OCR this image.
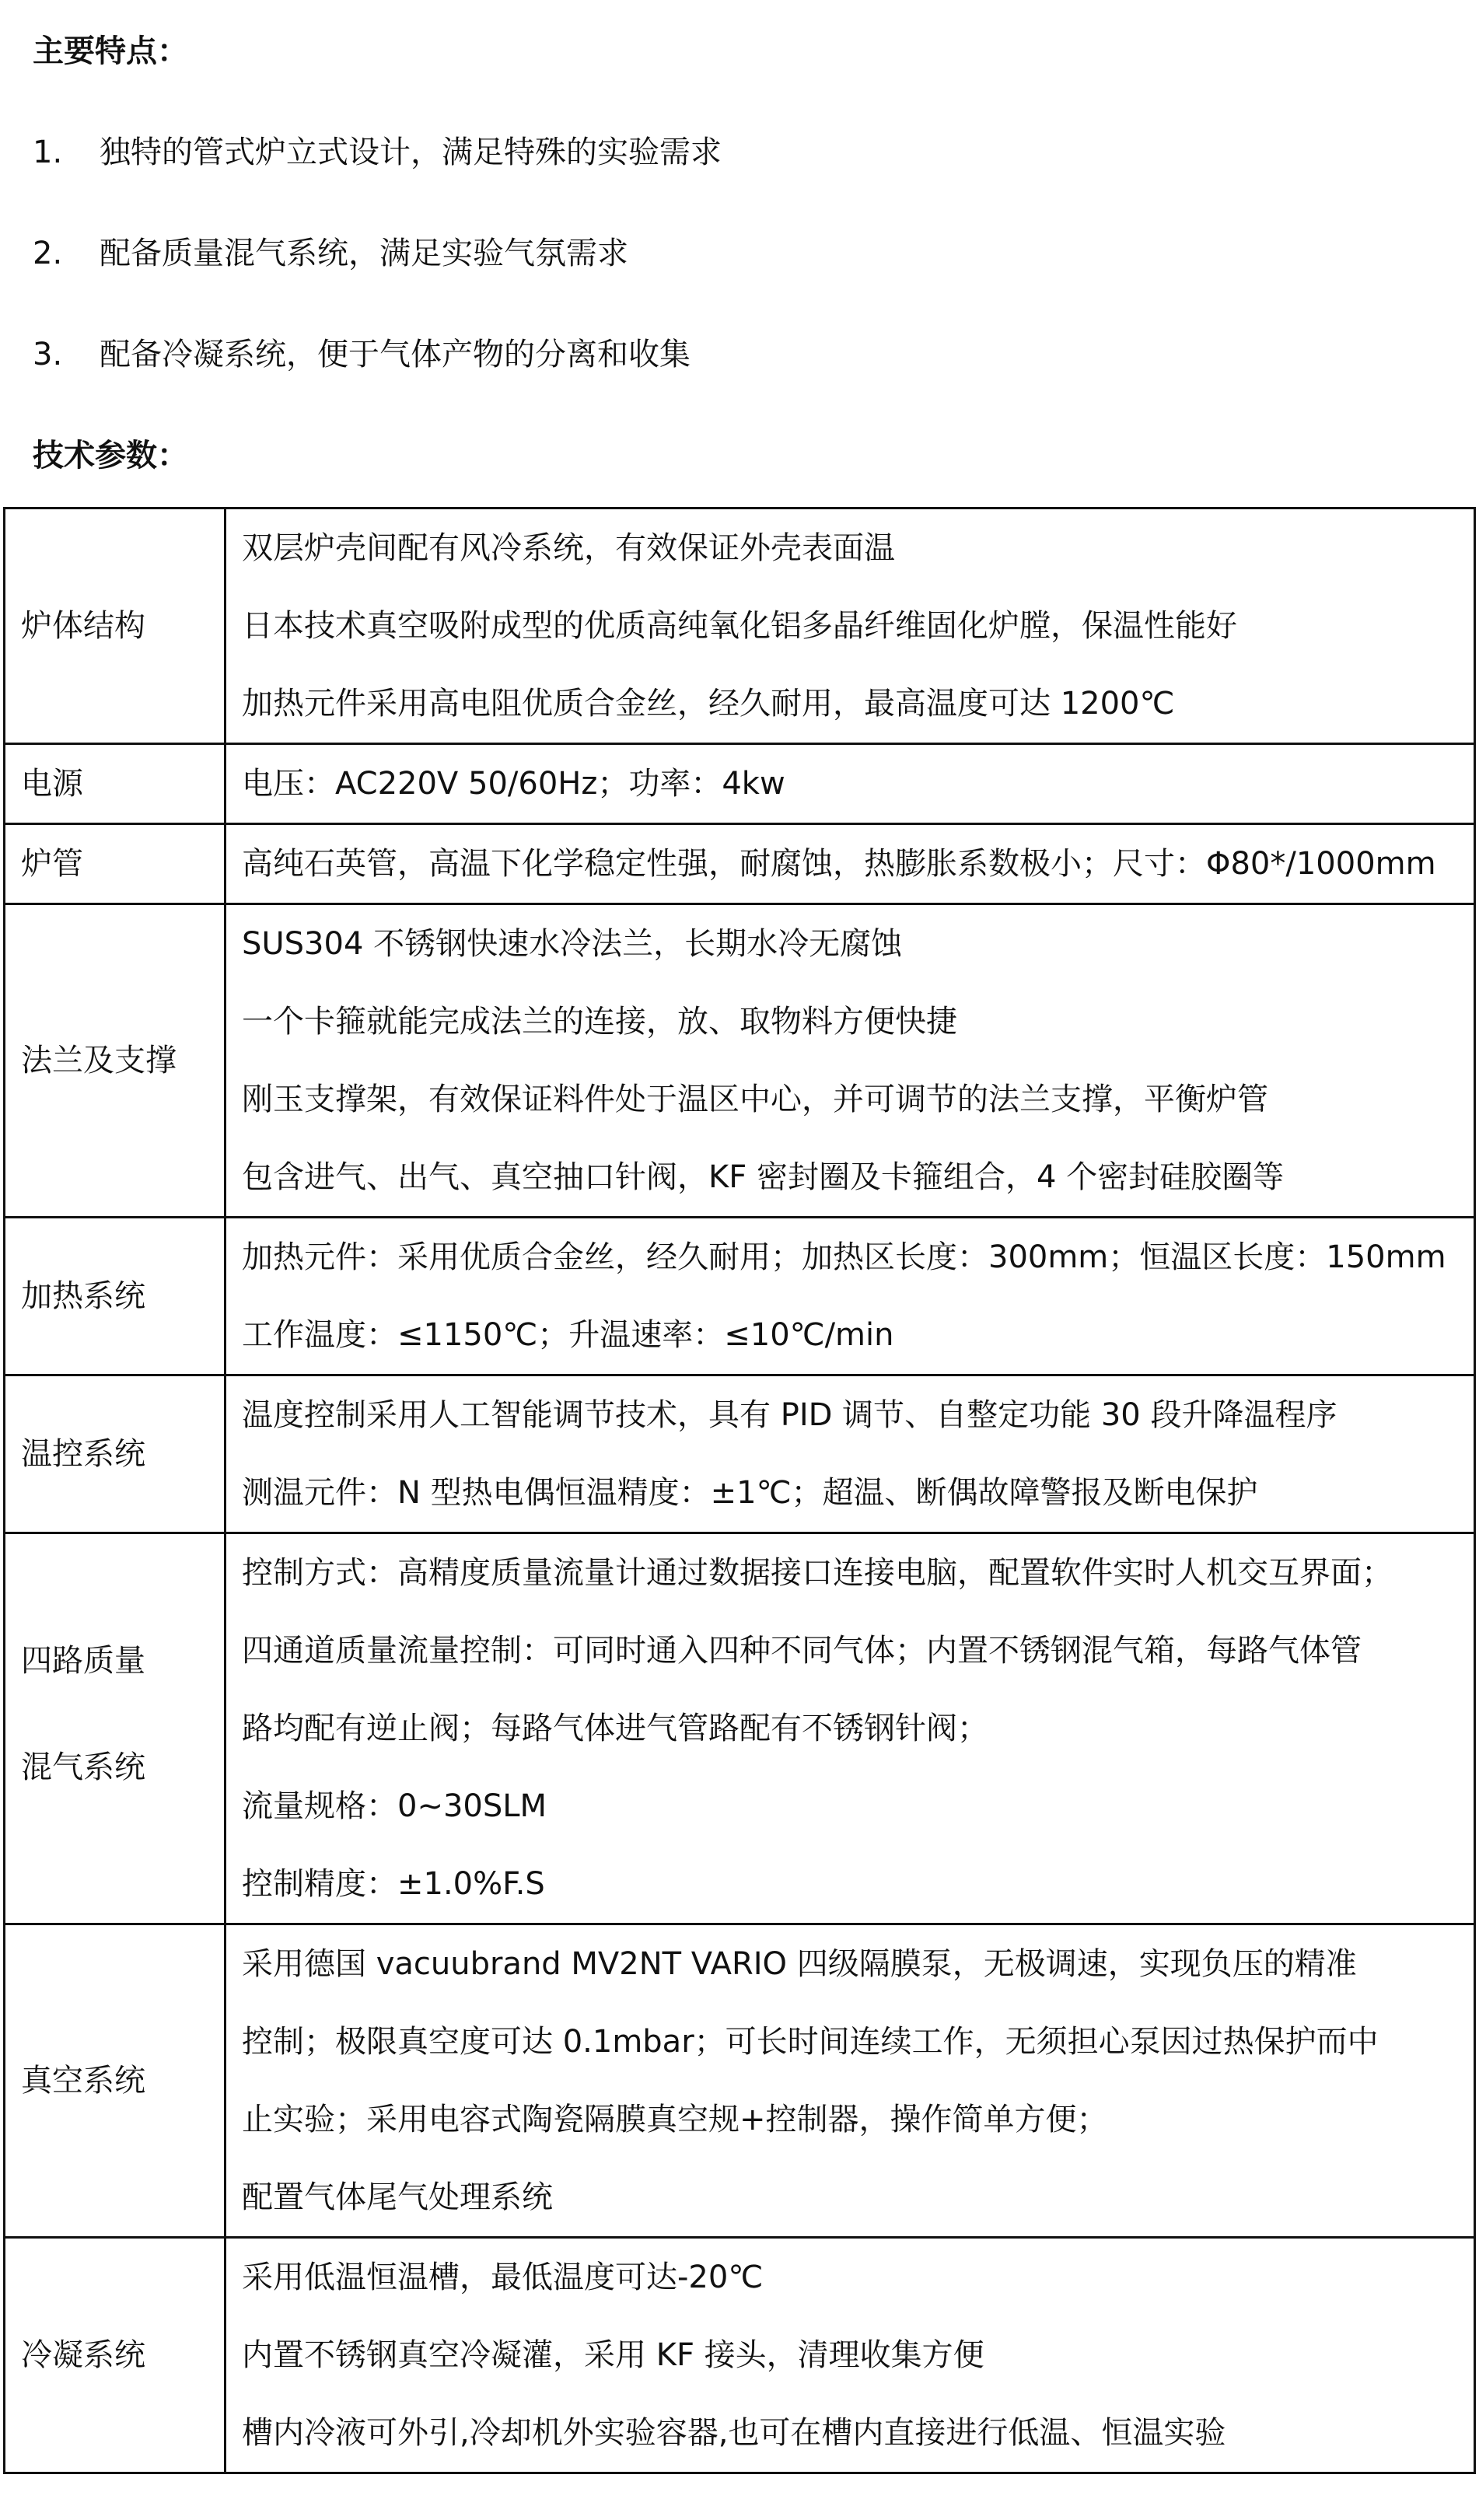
主要特点：
1. 独特的管式炉立式设计，满足特殊的实验需求
2. 配备质量混气系统，满足实验气氛需求
3. 配备冷凝系统，便于气体产物的分离和收集
技术参数：
炉体结构	双层炉壳间配有风冷系统，有效保证外壳表面温
日本技术真空吸附成型的优质高纯氧化铝多晶纤维固化炉膛，保温性能好
加热元件采用高电阻优质合金丝，经久耐用，最高温度可达 1200℃

电源	电压：AC220V 50/60Hz；功率：4kw

炉管	高纯石英管，高温下化学稳定性强，耐腐蚀，热膨胀系数极小；尺寸：Φ80*/1000mm

法兰及支撑	SUS304 不锈钢快速水冷法兰，长期水冷无腐蚀
一个卡箍就能完成法兰的连接，放、取物料方便快捷
刚玉支撑架，有效保证料件处于温区中心，并可调节的法兰支撑，平衡炉管
包含进气、出气、真空抽口针阀，KF 密封圈及卡箍组合，4 个密封硅胶圈等

加热系统	加热元件：采用优质合金丝，经久耐用；加热区长度：300mm；恒温区长度：150mm
工作温度：≤1150℃；升温速率：≤10℃/min

温控系统	温度控制采用人工智能调节技术，具有 PID 调节、自整定功能 30 段升降温程序
测温元件：N 型热电偶恒温精度：±1℃；超温、断偶故障警报及断电保护

四路质量 混气系统	控制方式：高精度质量流量计通过数据接口连接电脑，配置软件实时人机交互界面；
四通道质量流量控制：可同时通入四种不同气体；内置不锈钢混气箱，每路气体管
路均配有逆止阀；每路气体进气管路配有不锈钢针阀；
流量规格：0~30SLM
控制精度：±1.0%F.S

真空系统	采用德国 vacuubrand MV2NT VARIO 四级隔膜泵，无极调速，实现负压的精准
控制；极限真空度可达 0.1mbar；可长时间连续工作，无须担心泵因过热保护而中
止实验；采用电容式陶瓷隔膜真空规+控制器，操作简单方便；
配置气体尾气处理系统

冷凝系统	采用低温恒温槽，最低温度可达-20℃
内置不锈钢真空冷凝灌，采用 KF 接头，清理收集方便
槽内冷液可外引,冷却机外实验容器,也可在槽内直接进行低温、恒温实验
